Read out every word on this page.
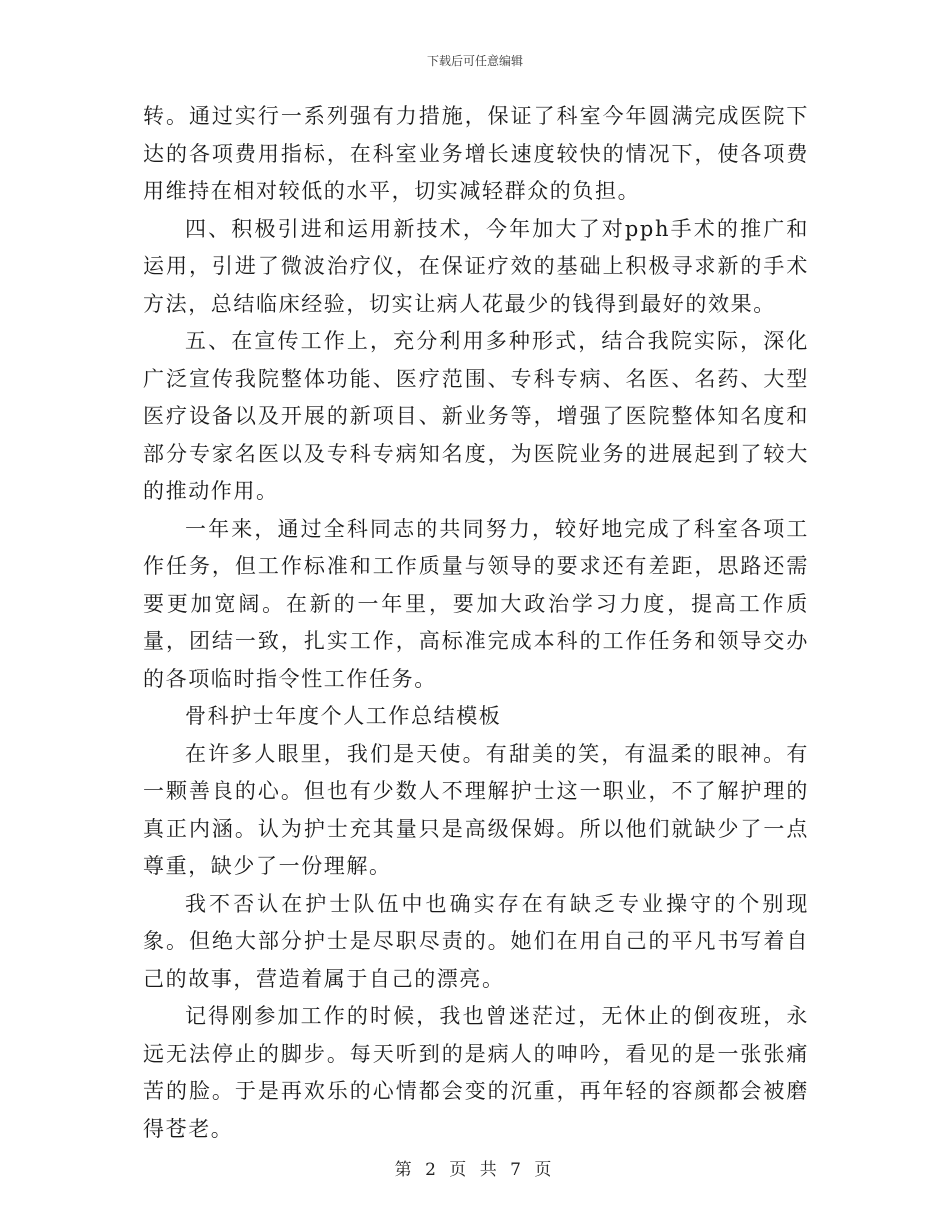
下载后可任意编辑

转。通过实行一系列强有力措施，保证了科室今年圆满完成医院下达的各项费用指标，在科室业务增长速度较快的情况下，使各项费用维持在相对较低的水平，切实减轻群众的负担。

四、积极引进和运用新技术，今年加大了对pph手术的推广和运用，引进了微波治疗仪，在保证疗效的基础上积极寻求新的手术方法，总结临床经验，切实让病人花最少的钱得到最好的效果。

五、在宣传工作上，充分利用多种形式，结合我院实际，深化广泛宣传我院整体功能、医疗范围、专科专病、名医、名药、大型医疗设备以及开展的新项目、新业务等，增强了医院整体知名度和部分专家名医以及专科专病知名度，为医院业务的进展起到了较大的推动作用。

一年来，通过全科同志的共同努力，较好地完成了科室各项工作任务，但工作标准和工作质量与领导的要求还有差距，思路还需要更加宽阔。在新的一年里，要加大政治学习力度，提高工作质量，团结一致，扎实工作，高标准完成本科的工作任务和领导交办的各项临时指令性工作任务。

骨科护士年度个人工作总结模板

在许多人眼里，我们是天使。有甜美的笑，有温柔的眼神。有一颗善良的心。但也有少数人不理解护士这一职业，不了解护理的真正内涵。认为护士充其量只是高级保姆。所以他们就缺少了一点尊重，缺少了一份理解。

我不否认在护士队伍中也确实存在有缺乏专业操守的个别现象。但绝大部分护士是尽职尽责的。她们在用自己的平凡书写着自己的故事，营造着属于自己的漂亮。

记得刚参加工作的时候，我也曾迷茫过，无休止的倒夜班，永远无法停止的脚步。每天听到的是病人的呻吟，看见的是一张张痛苦的脸。于是再欢乐的心情都会变的沉重，再年轻的容颜都会被磨得苍老。

第 2 页 共 7 页
